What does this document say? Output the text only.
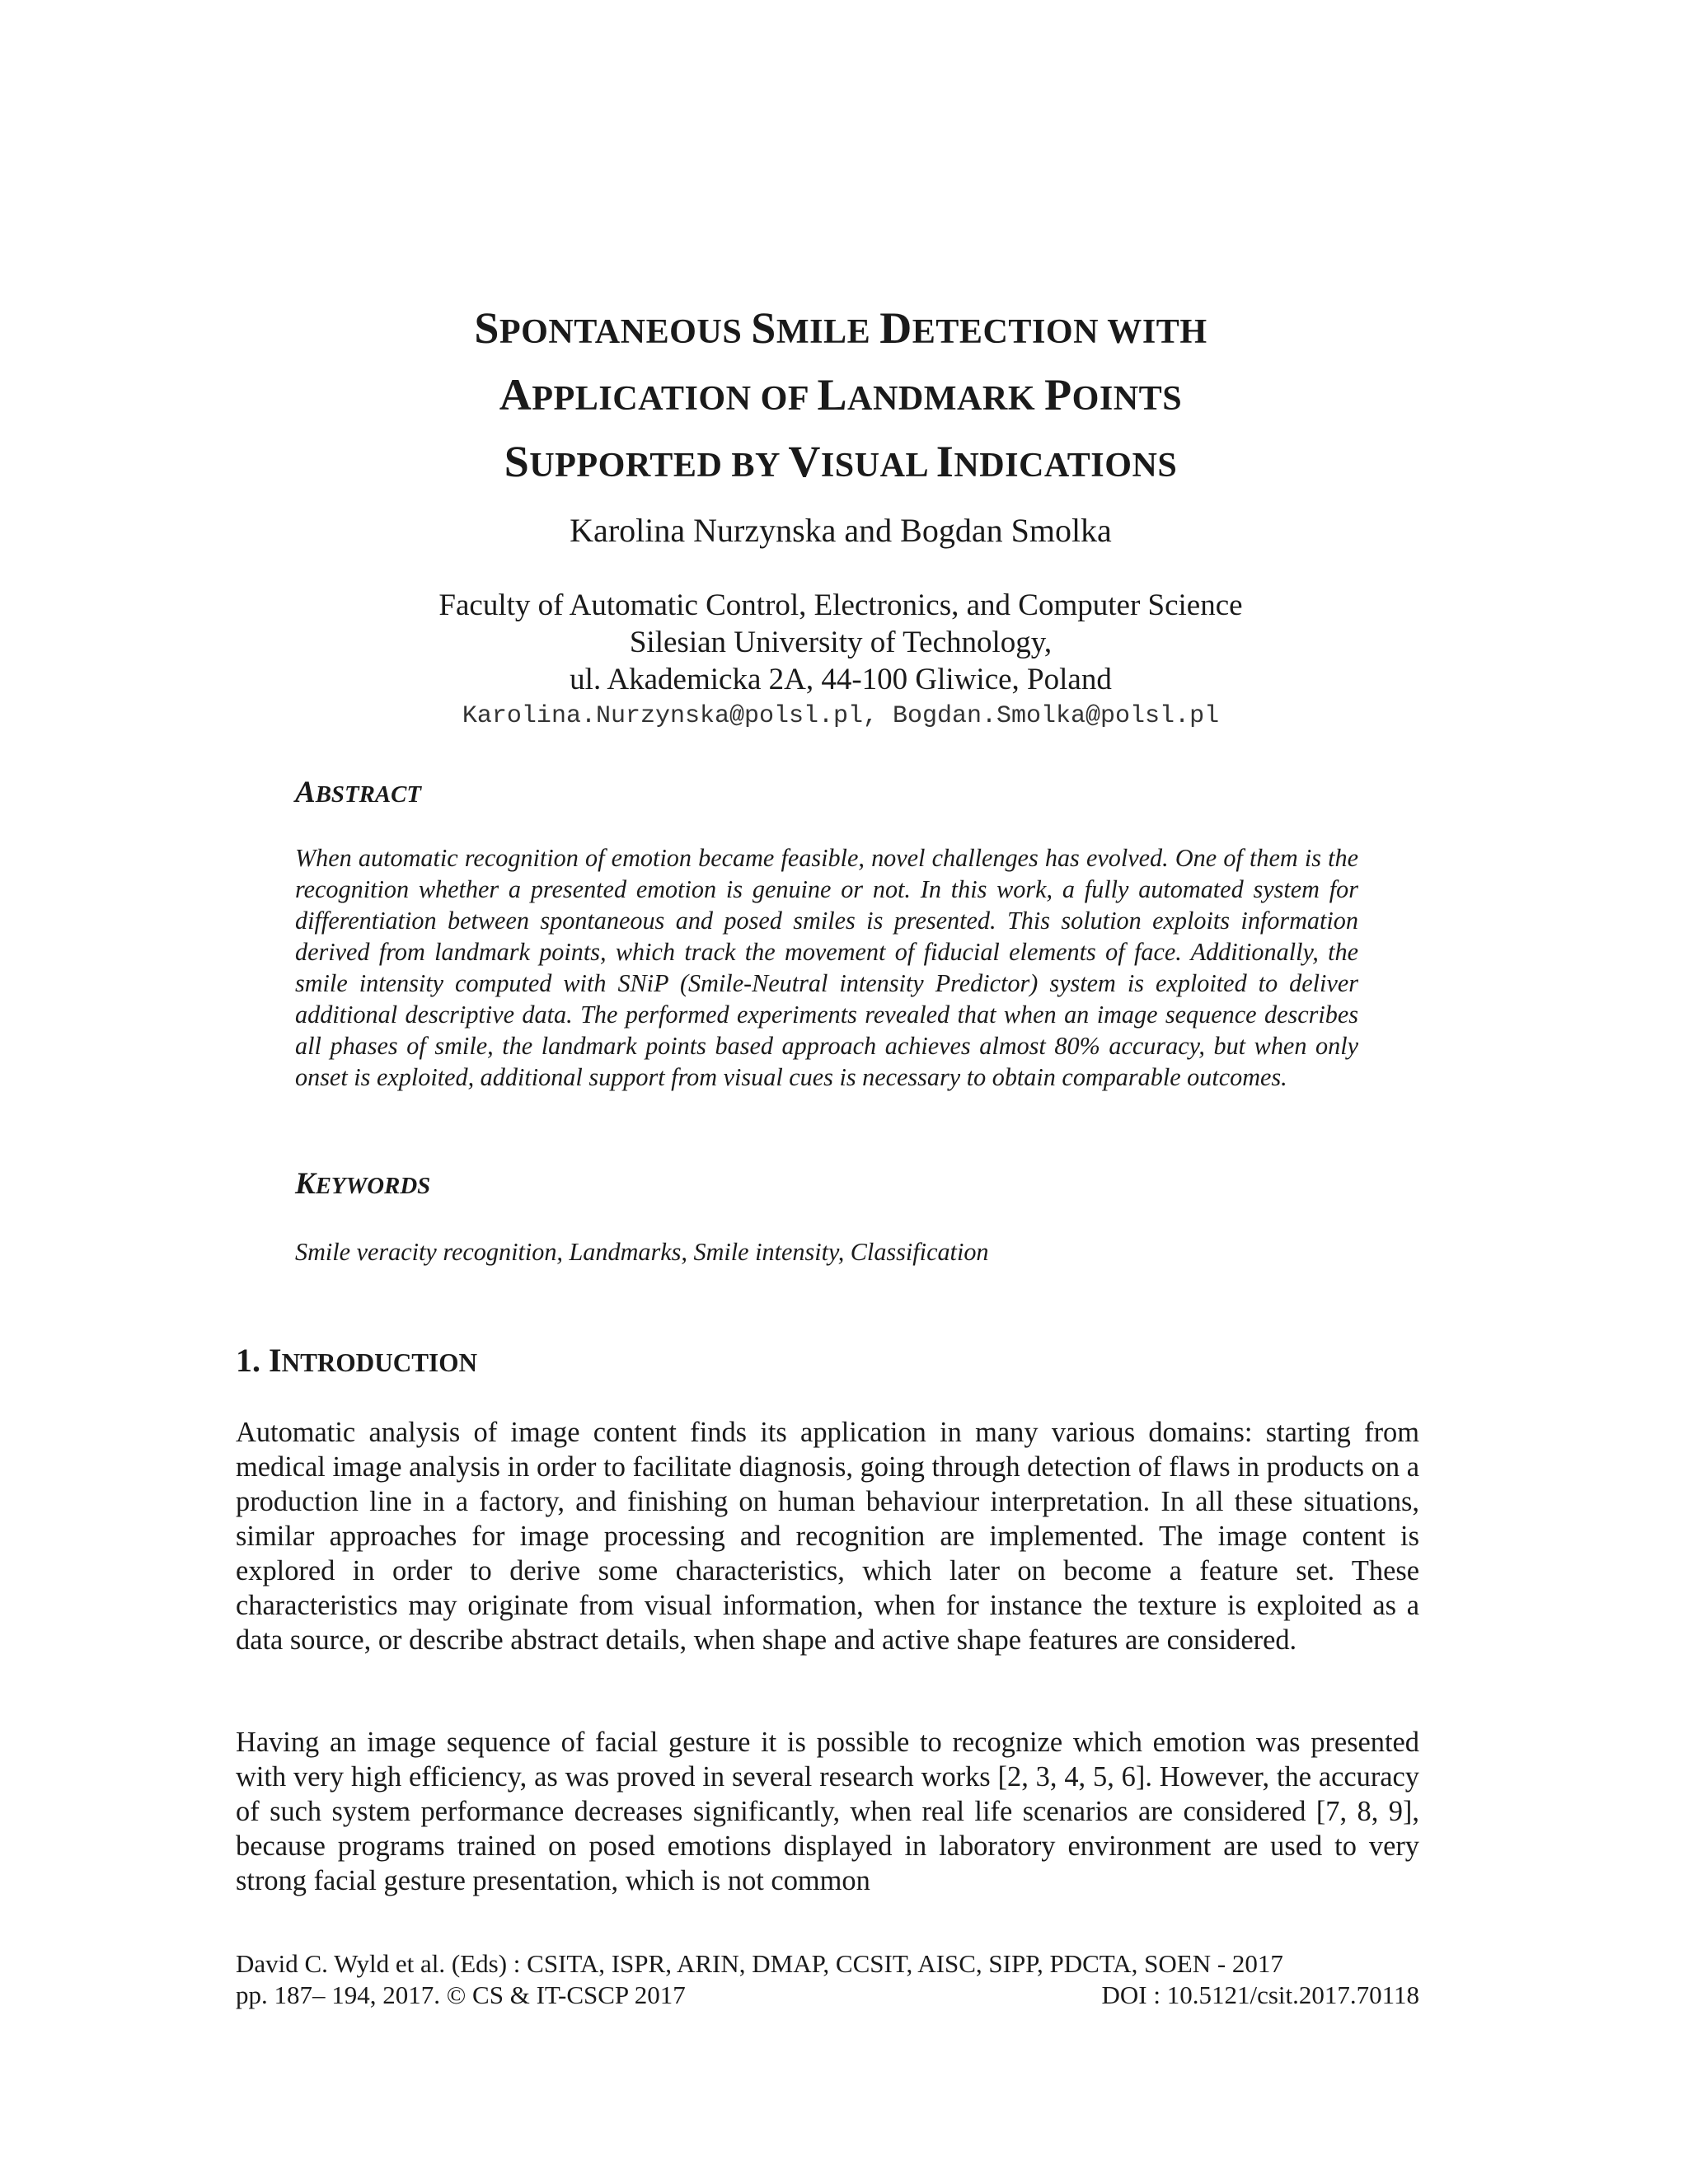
SPONTANEOUS SMILE DETECTION WITH
APPLICATION OF LANDMARK POINTS
SUPPORTED BY VISUAL INDICATIONS
Karolina Nurzynska and Bogdan Smolka
Faculty of Automatic Control, Electronics, and Computer Science
Silesian University of Technology,
ul. Akademicka 2A, 44-100 Gliwice, Poland
Karolina.Nurzynska@polsl.pl, Bogdan.Smolka@polsl.pl
ABSTRACT
When automatic recognition of emotion became feasible, novel challenges has evolved. One of them is the recognition whether a presented emotion is genuine or not. In this work, a fully automated system for differentiation between spontaneous and posed smiles is presented. This solution exploits information derived from landmark points, which track the movement of fiducial elements of face. Additionally, the smile intensity computed with SNiP (Smile-Neutral intensity Predictor) system is exploited to deliver additional descriptive data. The performed experiments revealed that when an image sequence describes all phases of smile, the landmark points based approach achieves almost 80% accuracy, but when only onset is exploited, additional support from visual cues is necessary to obtain comparable outcomes.
KEYWORDS
Smile veracity recognition, Landmarks, Smile intensity, Classification
1. INTRODUCTION
Automatic analysis of image content finds its application in many various domains: starting from medical image analysis in order to facilitate diagnosis, going through detection of flaws in products on a production line in a factory, and finishing on human behaviour interpretation. In all these situations, similar approaches for image processing and recognition are implemented. The image content is explored in order to derive some characteristics, which later on become a feature set. These characteristics may originate from visual information, when for instance the texture is exploited as a data source, or describe abstract details, when shape and active shape features are considered.
Having an image sequence of facial gesture it is possible to recognize which emotion was presented with very high efficiency, as was proved in several research works [2, 3, 4, 5, 6]. However, the accuracy of such system performance decreases significantly, when real life scenarios are considered [7, 8, 9], because programs trained on posed emotions displayed in laboratory environment are used to very strong facial gesture presentation, which is not common
David C. Wyld et al. (Eds) : CSITA, ISPR, ARIN, DMAP, CCSIT, AISC, SIPP, PDCTA, SOEN - 2017
pp. 187– 194, 2017. © CS & IT-CSCP 2017	DOI : 10.5121/csit.2017.70118
